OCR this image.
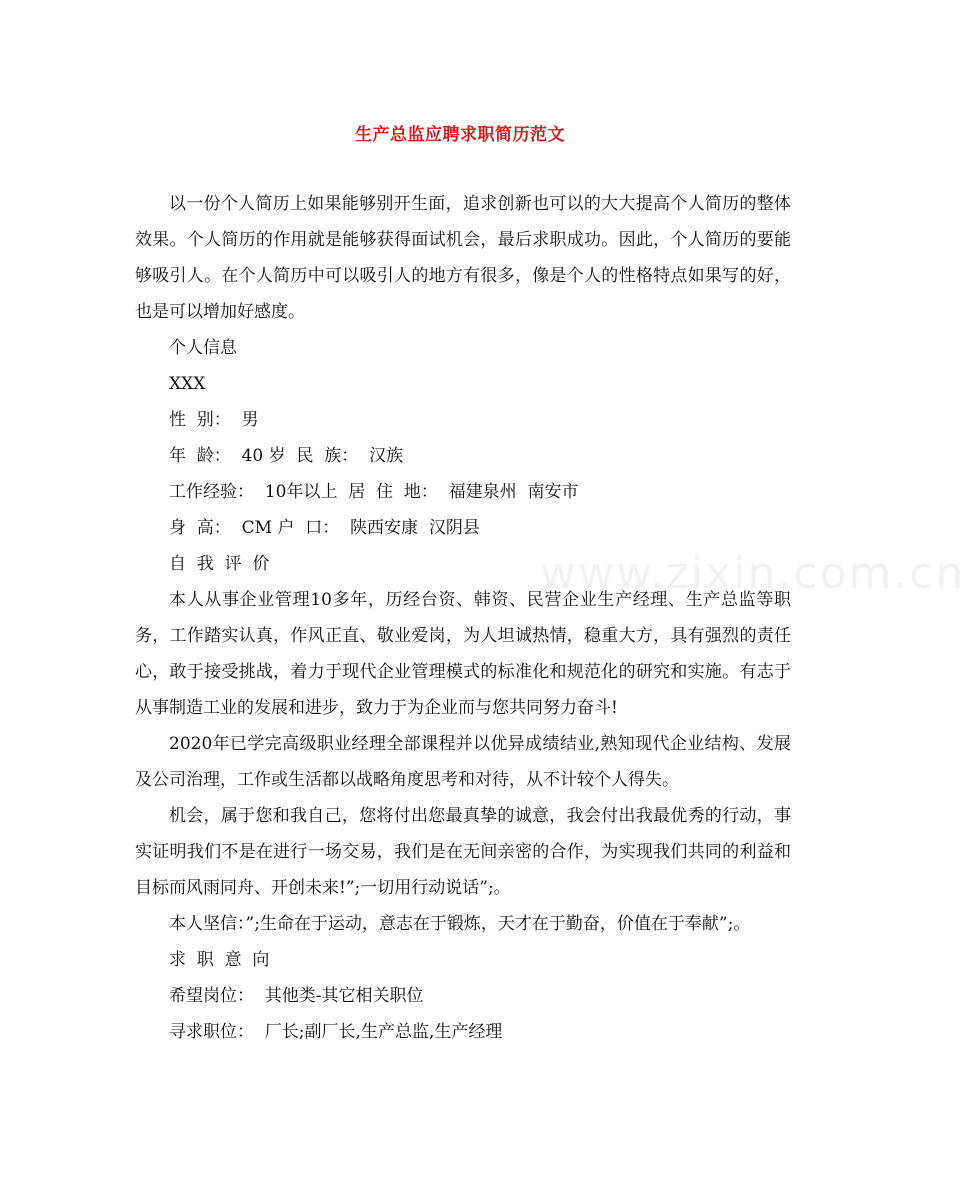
www.zixin.com.cn
生产总监应聘求职简历范文

以一份个人简历上如果能够别开生面，追求创新也可以的大大提高个人简历的整体效果。个人简历的作用就是能够获得面试机会，最后求职成功。因此，个人简历的要能够吸引人。在个人简历中可以吸引人的地方有很多，像是个人的性格特点如果写的好，也是可以增加好感度。

个人信息

XXX

性  别：  男

年  龄：  40 岁  民  族：  汉族

工作经验：  10年以上  居  住  地：  福建泉州  南安市

身  高：  CM 户  口：  陕西安康  汉阴县

自  我  评  价

本人从事企业管理10多年，历经台资、韩资、民营企业生产经理、生产总监等职务，工作踏实认真，作风正直、敬业爱岗，为人坦诚热情，稳重大方，具有强烈的责任心，敢于接受挑战，着力于现代企业管理模式的标准化和规范化的研究和实施。有志于从事制造工业的发展和进步，致力于为企业而与您共同努力奋斗!

2020年已学完高级职业经理全部课程并以优异成绩结业,熟知现代企业结构、发展及公司治理，工作或生活都以战略角度思考和对待，从不计较个人得失。

机会，属于您和我自己，您将付出您最真挚的诚意，我会付出我最优秀的行动，事实证明我们不是在进行一场交易，我们是在无间亲密的合作，为实现我们共同的利益和目标而风雨同舟、开创未来!”;一切用行动说话”;。

本人坚信：”;生命在于运动，意志在于锻炼，天才在于勤奋，价值在于奉献”;。

求  职  意  向

希望岗位：  其他类-其它相关职位

寻求职位：  厂长;副厂长,生产总监,生产经理
